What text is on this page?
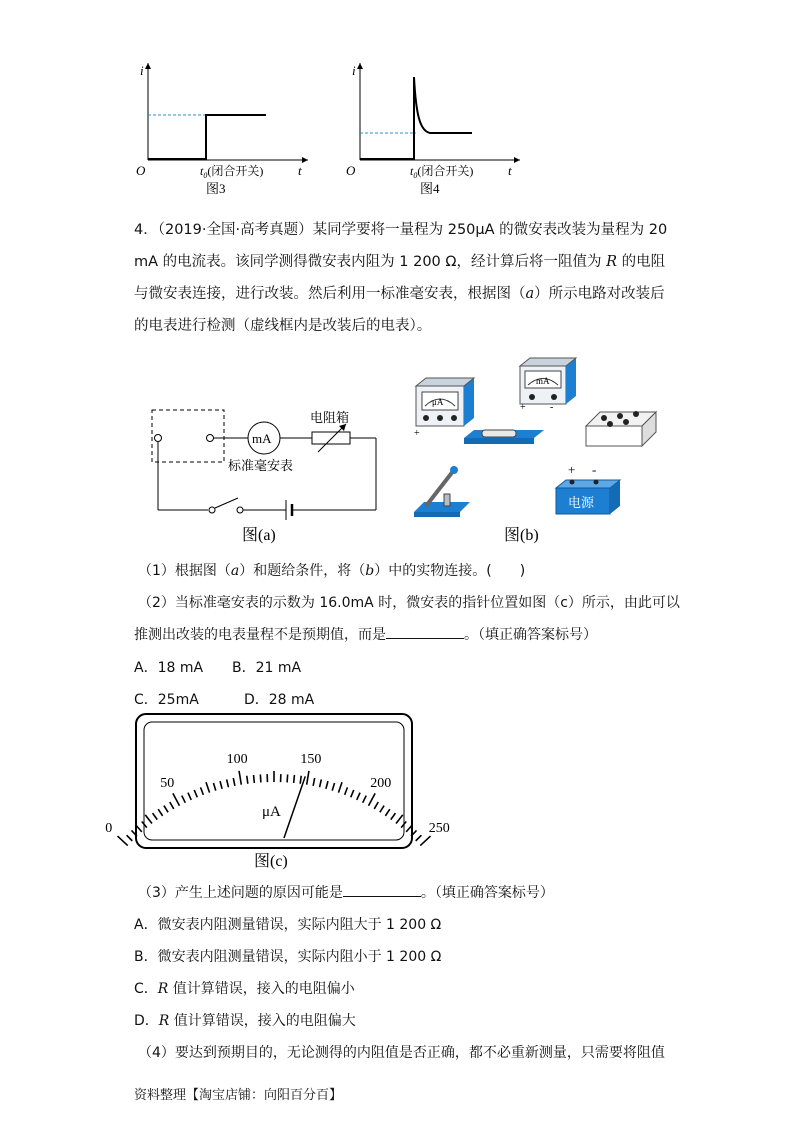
i
O	t
$t_0$(闭合开关)
图3
i
O	t
$t_0$(闭合开关)
图4
4．（2019·全国·高考真题）某同学要将一量程为 250μA 的微安表改装为量程为 20 mA 的电流表。该同学测得微安表内阻为 1 200 Ω，经计算后将一阻值为 R 的电阻与微安表连接，进行改装。然后利用一标准毫安表，根据图（a）所示电路对改装后的电表进行检测（虚线框内是改装后的电表）。
mA
电阻箱
标准毫安表
图(a)
μA
+
mA
+ -
+ -
电源
图(b)
（1）根据图（a）和题给条件，将（b）中的实物连接。(　　)
（2）当标准毫安表的示数为 16.0mA 时，微安表的指针位置如图（c）所示，由此可以
推测出改装的电表量程不是预期值，而是	。（填正确答案标号）
A．18 mA B．21 mA
C．25mA	D．28 mA
0
50
100	150
200
250
μA
图(c)
（3）产生上述问题的原因可能是	。（填正确答案标号）
A．微安表内阻测量错误，实际内阻大于 1 200 Ω
B．微安表内阻测量错误，实际内阻小于 1 200 Ω
C．R 值计算错误，接入的电阻偏小
D．R 值计算错误，接入的电阻偏大
（4）要达到预期目的，无论测得的内阻值是否正确，都不必重新测量，只需要将阻值
资料整理【淘宝店铺：向阳百分百】
